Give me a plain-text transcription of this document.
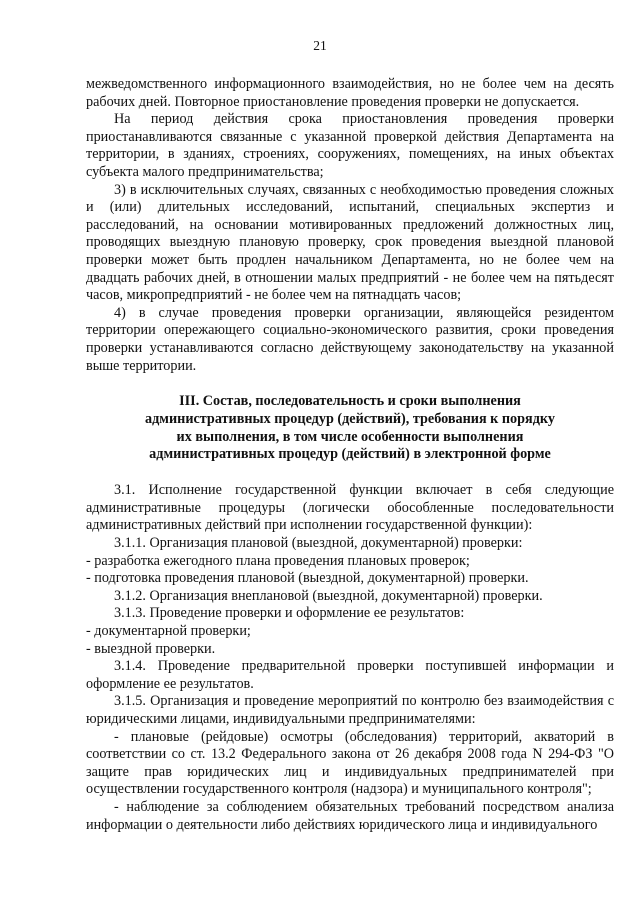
21

межведомственного информационного взаимодействия, но не более чем на десять рабочих дней. Повторное приостановление проведения проверки не допускается.

На период действия срока приостановления проведения проверки приостанавливаются связанные с указанной проверкой действия Департамента на территории, в зданиях, строениях, сооружениях, помещениях, на иных объектах субъекта малого предпринимательства;

3) в исключительных случаях, связанных с необходимостью проведения сложных и (или) длительных исследований, испытаний, специальных экспертиз и расследований, на основании мотивированных предложений должностных лиц, проводящих выездную плановую проверку, срок проведения выездной плановой проверки может быть продлен начальником Департамента, но не более чем на двадцать рабочих дней, в отношении малых предприятий - не более чем на пятьдесят часов, микропредприятий - не более чем на пятнадцать часов;

4) в случае проведения проверки организации, являющейся резидентом территории опережающего социально-экономического развития, сроки проведения проверки устанавливаются согласно действующему законодательству на указанной выше территории.

III. Состав, последовательность и сроки выполнения
административных процедур (действий), требования к порядку
их выполнения, в том числе особенности выполнения
административных процедур (действий) в электронной форме

3.1. Исполнение государственной функции включает в себя следующие административные процедуры (логически обособленные последовательности административных действий при исполнении государственной функции):

3.1.1. Организация плановой (выездной, документарной) проверки:

- разработка ежегодного плана проведения плановых проверок;

- подготовка проведения плановой (выездной, документарной) проверки.

3.1.2. Организация внеплановой (выездной, документарной) проверки.

3.1.3. Проведение проверки и оформление ее результатов:

- документарной проверки;

- выездной проверки.

3.1.4. Проведение предварительной проверки поступившей информации и оформление ее результатов.

3.1.5. Организация и проведение мероприятий по контролю без взаимодействия с юридическими лицами, индивидуальными предпринимателями:

- плановые (рейдовые) осмотры (обследования) территорий, акваторий в соответствии со ст. 13.2 Федерального закона от 26 декабря 2008 года N 294-ФЗ "О защите прав юридических лиц и индивидуальных предпринимателей при осуществлении государственного контроля (надзора) и муниципального контроля";

- наблюдение за соблюдением обязательных требований посредством анализа информации о деятельности либо действиях юридического лица и индивидуального
